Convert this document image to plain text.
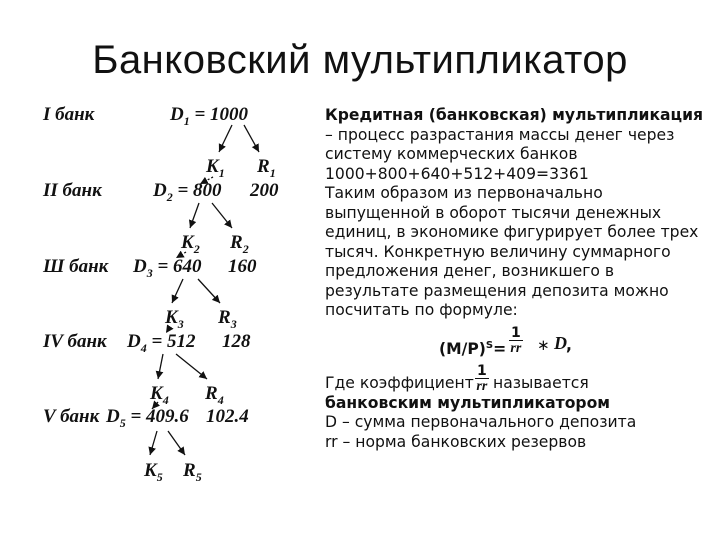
Банковский мультипликатор
I банк
II банк
Ш банк
IV банк
V банк
$D_1 = 1000$
$D_2 = 800$
$D_3 = 640$
$D_4 = 512$
$D_5 = 409.6$
200
160
128
102.4
$K_1$
$K_2$
$K_3$
$K_4$
$K_5$
$R_1$
$R_2$
$R_3$
$R_4$
$R_5$

Кредитная (банковская) мультипликация – процесс разрастания массы денег через систему коммерческих банков

1000+800+640+512+409=3361

Таким образом из первоначально выпущенной в оборот тысячи денежных единиц, в экономике фигурирует более трех тысяч. Конкретную величину суммарного предложения денег, возникшего в результате размещения депозита можно посчитать по формуле:

$(M/P)^S= \frac{1}{rr}$ ∗ D ,
Где коэффициент $\frac{1}{rr}$ называется

банковским мультипликатором

D – сумма первоначального депозита

rr – норма банковских резервов
